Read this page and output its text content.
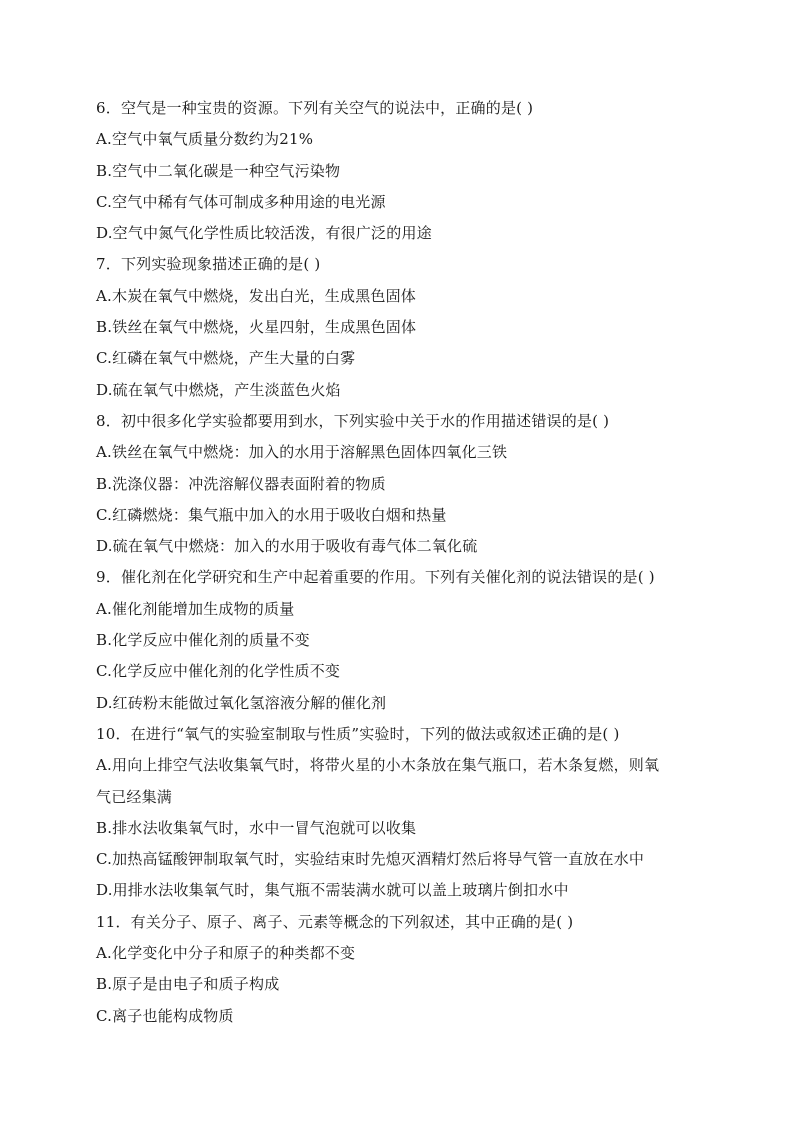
6．空气是一种宝贵的资源。下列有关空气的说法中，正确的是( )
A.空气中氧气质量分数约为21%
B.空气中二氧化碳是一种空气污染物
C.空气中稀有气体可制成多种用途的电光源
D.空气中氮气化学性质比较活泼，有很广泛的用途
7．下列实验现象描述正确的是( )
A.木炭在氧气中燃烧，发出白光，生成黑色固体
B.铁丝在氧气中燃烧，火星四射，生成黑色固体
C.红磷在氧气中燃烧，产生大量的白雾
D.硫在氧气中燃烧，产生淡蓝色火焰
8．初中很多化学实验都要用到水，下列实验中关于水的作用描述错误的是( )
A.铁丝在氧气中燃烧：加入的水用于溶解黑色固体四氧化三铁
B.洗涤仪器：冲洗溶解仪器表面附着的物质
C.红磷燃烧：集气瓶中加入的水用于吸收白烟和热量
D.硫在氧气中燃烧：加入的水用于吸收有毒气体二氧化硫
9．催化剂在化学研究和生产中起着重要的作用。下列有关催化剂的说法错误的是( )
A.催化剂能增加生成物的质量
B.化学反应中催化剂的质量不变
C.化学反应中催化剂的化学性质不变
D.红砖粉末能做过氧化氢溶液分解的催化剂
10．在进行“氧气的实验室制取与性质”实验时，下列的做法或叙述正确的是( )
A.用向上排空气法收集氧气时，将带火星的小木条放在集气瓶口，若木条复燃，则氧
气已经集满
B.排水法收集氧气时，水中一冒气泡就可以收集
C.加热高锰酸钾制取氧气时，实验结束时先熄灭酒精灯然后将导气管一直放在水中
D.用排水法收集氧气时，集气瓶不需装满水就可以盖上玻璃片倒扣水中
11．有关分子、原子、离子、元素等概念的下列叙述，其中正确的是( )
A.化学变化中分子和原子的种类都不变
B.原子是由电子和质子构成
C.离子也能构成物质
